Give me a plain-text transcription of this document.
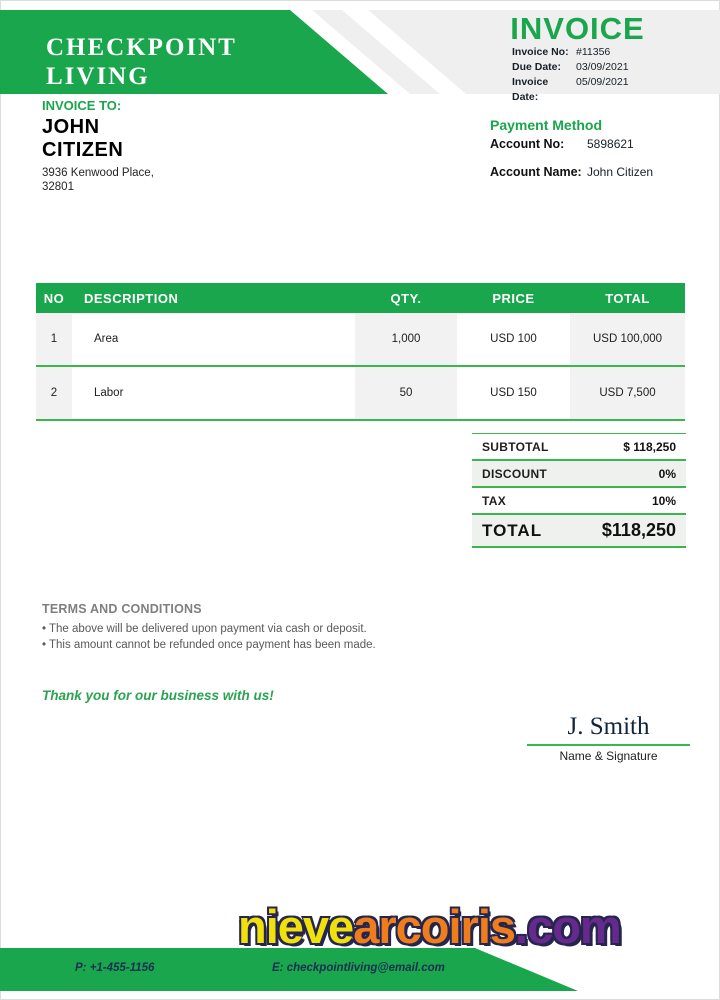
CHECKPOINT
LIVING
INVOICE
Invoice No: #11356
Due Date:	03/09/2021
Invoice Date:
05/09/2021
INVOICE TO:
JOHN
CITIZEN
3936 Kenwood Place,
32801
Payment Method
Account No:	5898621
Account Name: John Citizen
NO	DESCRIPTION	QTY.	PRICE	TOTAL
1	Area	1,000	USD 100	USD 100,000
2	Labor	50	USD 150	USD 7,500
SUBTOTAL	$ 118,250
DISCOUNT	0%
TAX	10%
TOTAL	$118,250
TERMS AND CONDITIONS
• The above will be delivered upon payment via cash or deposit.
• This amount cannot be refunded once payment has been made.
Thank you for our business with us!
J. Smith
Name & Signature
nievearcoiris.com
P: +1-455-1156	E: checkpointliving@email.com
